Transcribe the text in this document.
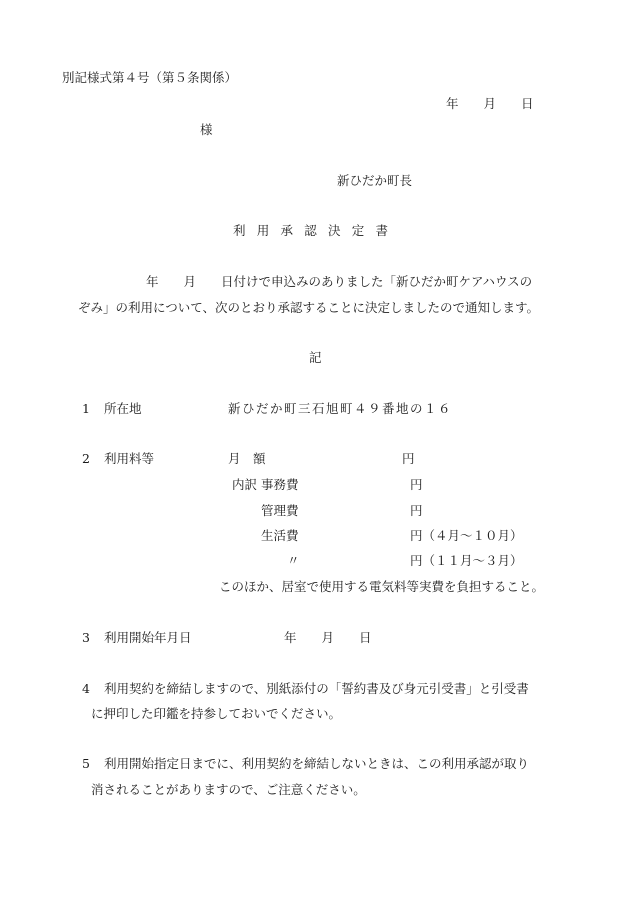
別記様式第４号（第５条関係）
年　　月　　日
様
新ひだか町長
利用承認決定書
年　　月　　日付けで申込みのありました「新ひだか町ケアハウスの
ぞみ」の利用について、次のとおり承認することに決定しましたので通知します。
記
1 所在地	新ひだか町三石旭町４９番地の１６
2 利用料等	月　額	円
内訳 事務費	円
管理費	円
生活費	円（４月～１０月）
〃	円（１１月～３月）
このほか、居室で使用する電気料等実費を負担すること。
3 利用開始年月日	年　　月　　日
4 利用契約を締結しますので、別紙添付の「誓約書及び身元引受書」と引受書
に押印した印鑑を持参しておいでください。
5 利用開始指定日までに、利用契約を締結しないときは、この利用承認が取り
消されることがありますので、ご注意ください。
